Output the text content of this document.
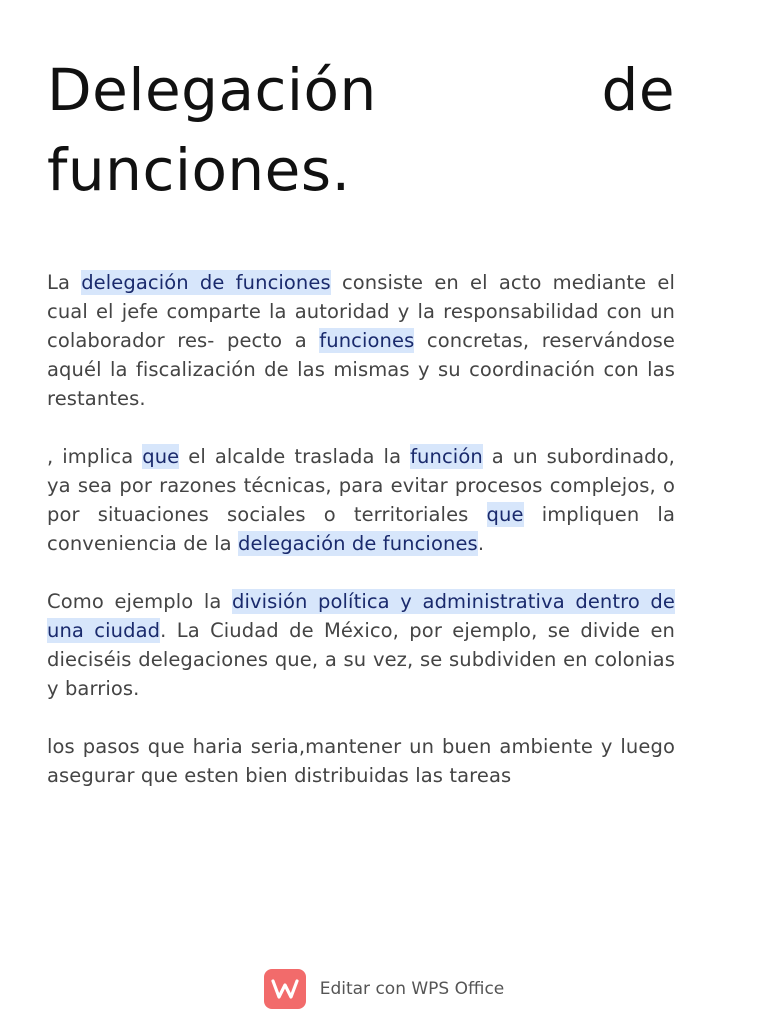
Delegación	de
funciones.

La delegación de funciones consiste en el acto mediante el cual el jefe comparte la autoridad y la responsabilidad con un colaborador res- pecto a funciones concretas, reservándose aquél la fiscalización de las mismas y su coordinación con las restantes.

, implica que el alcalde traslada la función a un subordinado, ya sea por razones técnicas, para evitar procesos complejos, o por situaciones sociales o territoriales que impliquen la conveniencia de la delegación de funciones.

Como ejemplo la división política y administrativa dentro de una ciudad. La Ciudad de México, por ejemplo, se divide en dieciséis delegaciones que, a su vez, se subdividen en colonias y barrios.

los pasos que haria seria,mantener un buen ambiente y luego asegurar que esten bien distribuidas las tareas

Editar con WPS Office
